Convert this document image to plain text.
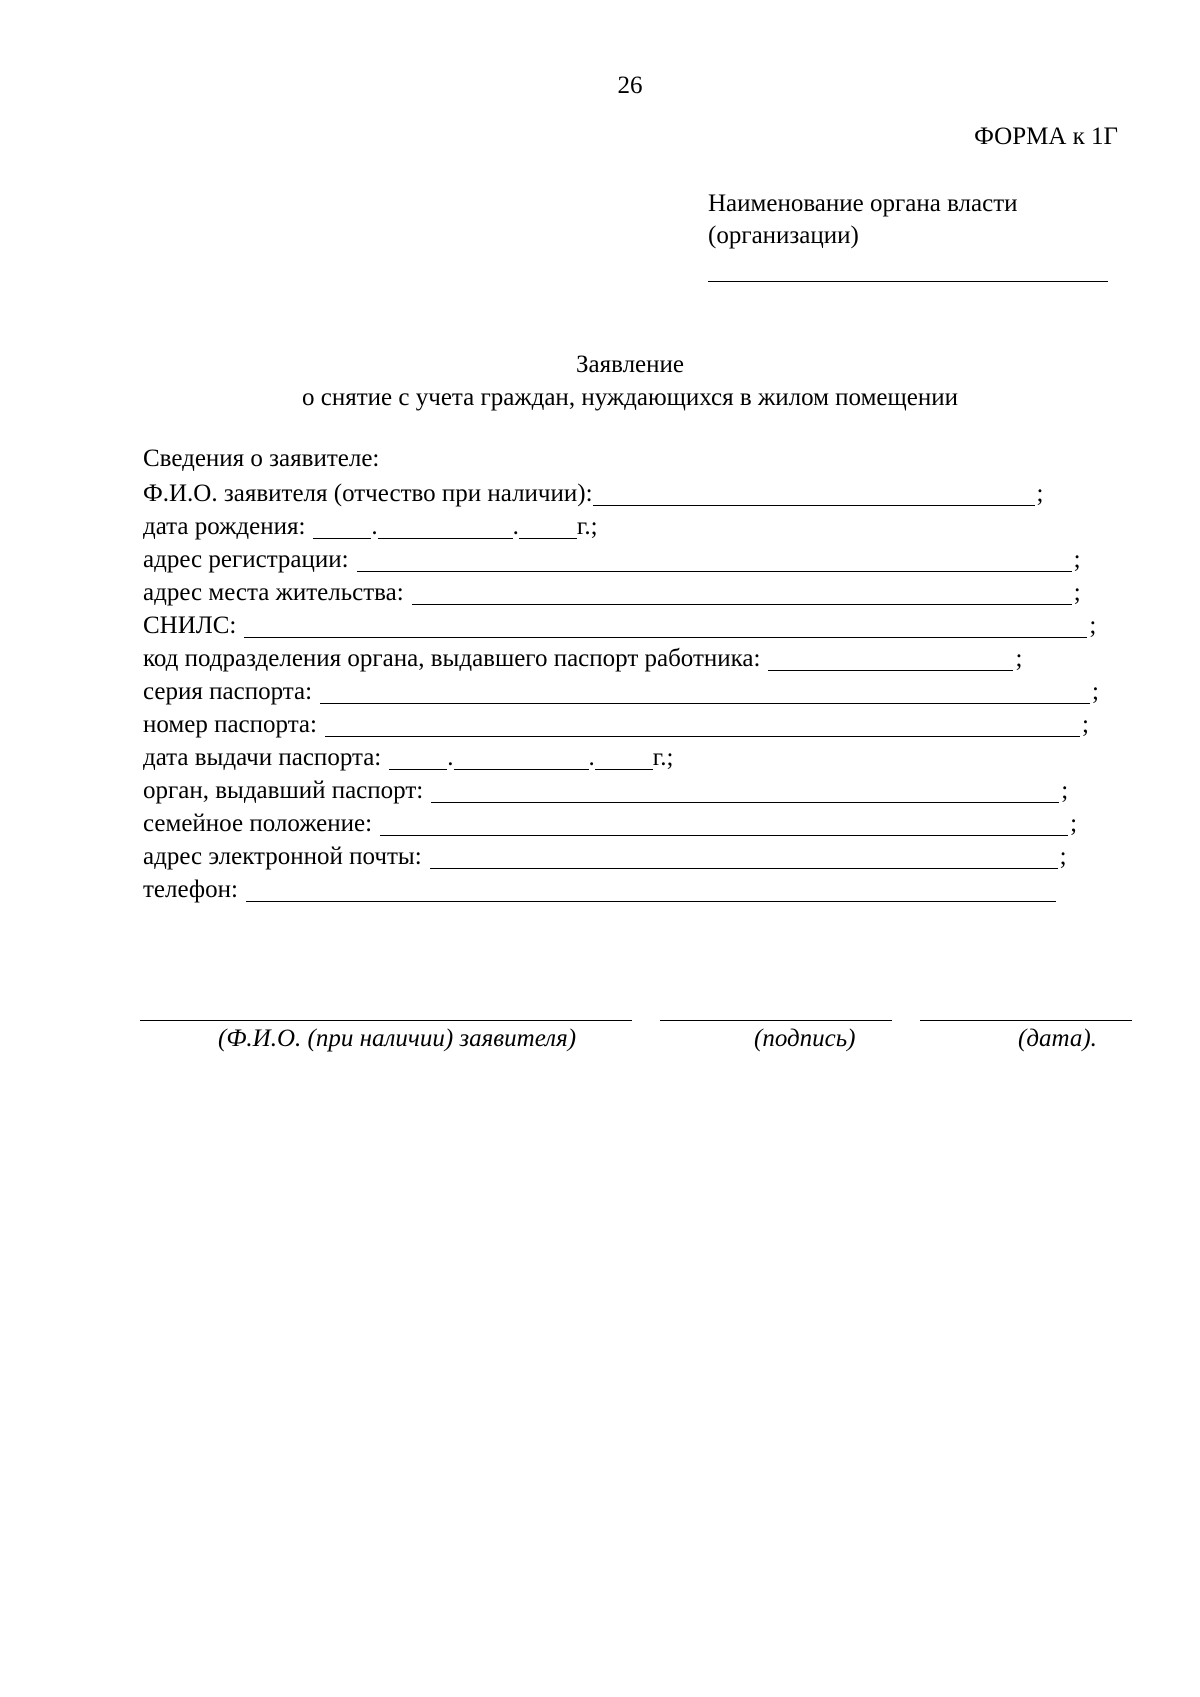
26
ФОРМА к 1Г
Наименование органа власти
(организации)
Заявление
о снятие с учета граждан, нуждающихся в жилом помещении
Сведения о заявителе:
Ф.И.О. заявителя (отчество при наличии):	;
дата рождения:	.	. г.;
адрес регистрации:	;
адрес места жительства:	;
СНИЛС:	;
код подразделения органа, выдавшего паспорт работника:	;
серия паспорта:	;
номер паспорта:	;
дата выдачи паспорта:	.	. г.;
орган, выдавший паспорт:	;
семейное положение:	;
адрес электронной почты:	;
телефон:
(Ф.И.О. (при наличии) заявителя)	(подпись)	(дата).
